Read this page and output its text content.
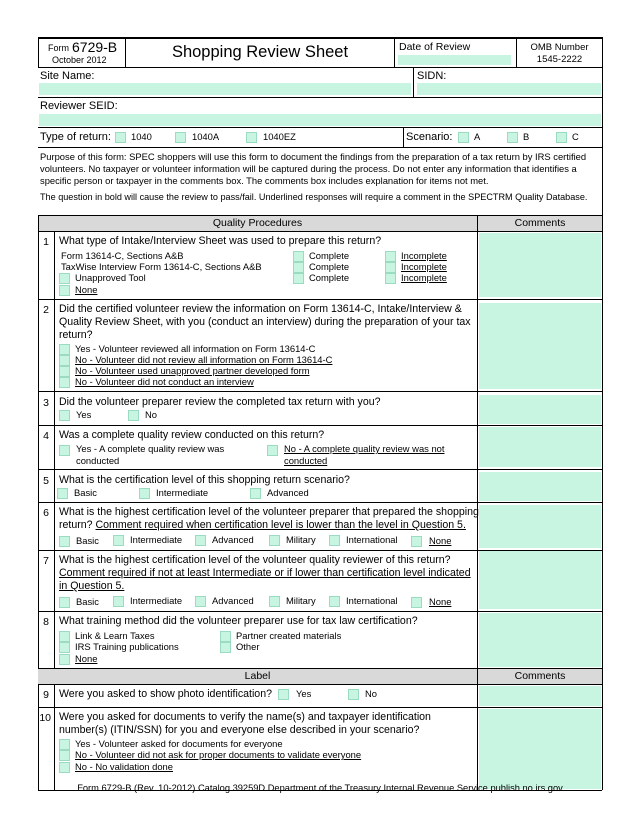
Form 6729-B
October 2012	Shopping Review Sheet	Date of Review	OMB Number
1545-2222
Site Name:	SIDN:
Reviewer SEID:
Type of return: 1040	1040A	1040EZ	Scenario: A	B	C
Purpose of this form: SPEC shoppers will use this form to document the findings from the preparation of a tax return by IRS certified volunteers. No taxpayer or volunteer information will be captured during the process. Do not enter any information that identifies a specific person or taxpayer in the comments box. The comments box includes explanation for items not met.
The question in bold will cause the review to pass/fail. Underlined responses will require a comment in the SPECTRM Quality Database.
Quality Procedures	Comments
1 What type of Intake/Interview Sheet was used to prepare this return?
Form 13614-C, Sections A&B	Complete	Incomplete
TaxWise Interview Form 13614-C, Sections A&B	Complete	Incomplete
Unapproved Tool	Complete	Incomplete
None
2 Did the certified volunteer review the information on Form 13614-C, Intake/Interview &
Quality Review Sheet, with you (conduct an interview) during the preparation of your tax
return?
Yes - Volunteer reviewed all information on Form 13614-C
No - Volunteer did not review all information on Form 13614-C
No - Volunteer used unapproved partner developed form
No - Volunteer did not conduct an interview
3 Did the volunteer preparer review the completed tax return with you?
Yes	No
4 Was a complete quality review conducted on this return?
Yes - A complete quality review was
conducted
No - A complete quality review was not
conducted
5 What is the certification level of this shopping return scenario?
Basic	Intermediate	Advanced
6 What is the highest certification level of the volunteer preparer that prepared the shopping
return? Comment required when certification level is lower than the level in Question 5.
Basic	Intermediate	Advanced	Military	International	None
7 What is the highest certification level of the volunteer quality reviewer of this return?
Comment required if not at least Intermediate or if lower than certification level indicated
in Question 5.
Basic	Intermediate	Advanced	Military	International	None
8 What training method did the volunteer preparer use for tax law certification?
Link & Learn Taxes	Partner created materials
IRS Training publications	Other
None
Label	Comments
9 Were you asked to show photo identification?	Yes	No
10 Were you asked for documents to verify the name(s) and taxpayer identification
number(s) (ITIN/SSN) for you and everyone else described in your scenario?
Yes - Volunteer asked for documents for everyone
No - Volunteer did not ask for proper documents to validate everyone
No - No validation done
Form 6729-B (Rev. 10-2012) Catalog 39259D Department of the Treasury Internal Revenue Service publish.no.irs.gov
